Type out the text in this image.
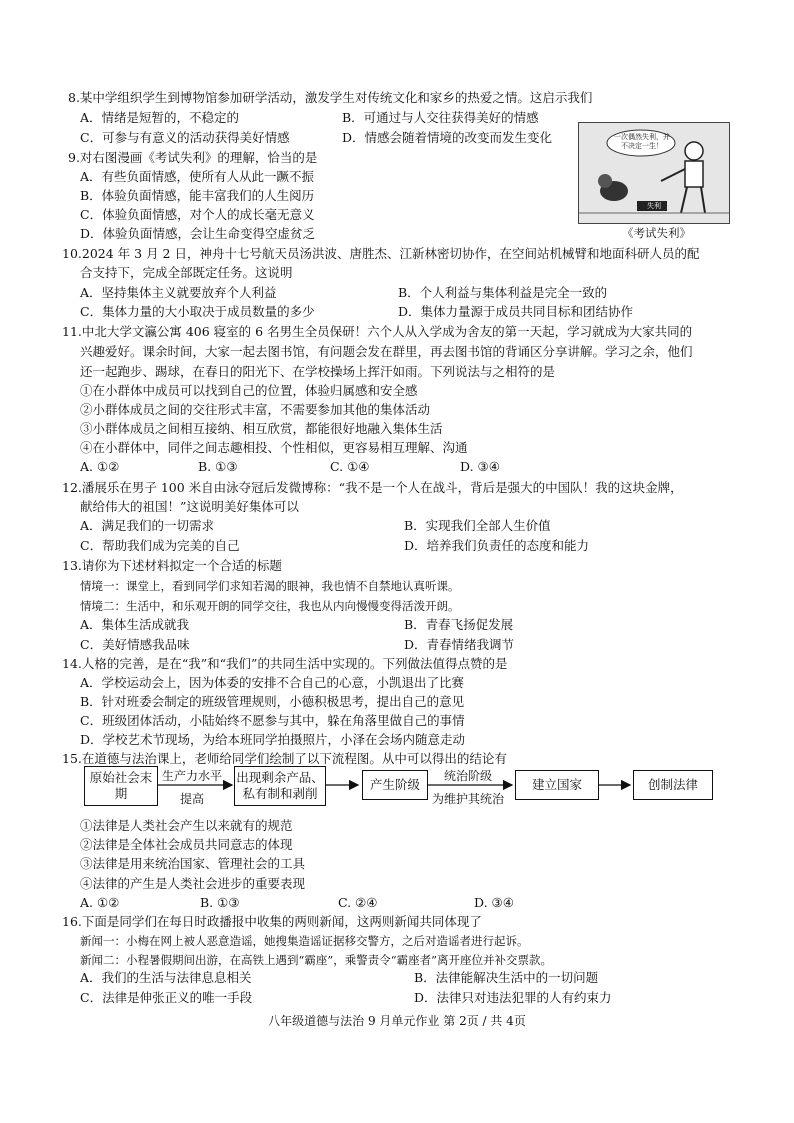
8.某中学组织学生到博物馆参加研学活动，激发学生对传统文化和家乡的热爱之情。这启示我们
A．情绪是短暂的，不稳定的	B．可通过与人交往获得美好的情感
C．可参与有意义的活动获得美好情感	D．情感会随着情境的改变而发生变化
9.对右图漫画《考试失利》的理解，恰当的是
A．有些负面情感，使所有人从此一蹶不振
B．体验负面情感，能丰富我们的人生阅历
C．体验负面情感，对个人的成长毫无意义
D．体验负面情感，会让生命变得空虚贫乏
一次偶然失利，并不决定一生！
失利
《考试失利》
10.2024 年 3 月 2 日，神舟十七号航天员汤洪波、唐胜杰、江新林密切协作，在空间站机械臂和地面科研人员的配
合支持下，完成全部既定任务。这说明
A．坚持集体主义就要放弃个人利益	B．个人利益与集体利益是完全一致的
C．集体力量的大小取决于成员数量的多少	D．集体力量源于成员共同目标和团结协作
11.中北大学文瀛公寓 406 寝室的 6 名男生全员保研！六个人从入学成为舍友的第一天起，学习就成为大家共同的
兴趣爱好。课余时间，大家一起去图书馆，有问题会发在群里，再去图书馆的背诵区分享讲解。学习之余，他们
还一起跑步、踢球，在春日的阳光下、在学校操场上挥汗如雨。下列说法与之相符的是
①在小群体中成员可以找到自己的位置，体验归属感和安全感
②小群体成员之间的交往形式丰富，不需要参加其他的集体活动
③小群体成员之间相互接纳、相互欣赏，都能很好地融入集体生活
④在小群体中，同伴之间志趣相投、个性相似，更容易相互理解、沟通
A. ①②	B. ①③	C. ①④	D. ③④
12.潘展乐在男子 100 米自由泳夺冠后发微博称：“我不是一个人在战斗，背后是强大的中国队！我的这块金牌，
献给伟大的祖国！”这说明美好集体可以
A．满足我们的一切需求	B．实现我们全部人生价值
C．帮助我们成为完美的自己	D．培养我们负责任的态度和能力
13.请你为下述材料拟定一个合适的标题
情境一：课堂上，看到同学们求知若渴的眼神，我也情不自禁地认真听课。
情境二：生活中，和乐观开朗的同学交往，我也从内向慢慢变得活泼开朗。
A．集体生活成就我	B．青春飞扬促发展
C．美好情感我品味	D．青春情绪我调节
14.人格的完善，是在“我”和“我们”的共同生活中实现的。下列做法值得点赞的是
A．学校运动会上，因为体委的安排不合自己的心意，小凯退出了比赛
B．针对班委会制定的班级管理规则，小德积极思考，提出自己的意见
C．班级团体活动，小陆始终不愿参与其中，躲在角落里做自己的事情
D．学校艺术节现场，为给本班同学拍摄照片，小泽在会场内随意走动
15.在道德与法治课上，老师给同学们绘制了以下流程图。从中可以得出的结论有
原始社会末期
生产力水平
提高
出现剩余产品、私有制和剥削
产生阶级
统治阶级
为维护其统治
建立国家	创制法律
①法律是人类社会产生以来就有的规范
②法律是全体社会成员共同意志的体现
③法律是用来统治国家、管理社会的工具
④法律的产生是人类社会进步的重要表现
A. ①②	B. ①③	C. ②④	D. ③④
16.下面是同学们在每日时政播报中收集的两则新闻，这两则新闻共同体现了
新闻一：小梅在网上被人恶意造谣，她搜集造谣证据移交警方，之后对造谣者进行起诉。
新闻二：小程暑假期间出游，在高铁上遇到“霸座”，乘警责令“霸座者”离开座位并补交票款。
A．我们的生活与法律息息相关	B．法律能解决生活中的一切问题
C．法律是伸张正义的唯一手段	D．法律只对违法犯罪的人有约束力
八年级道德与法治 9 月单元作业 第 2页 / 共 4页
